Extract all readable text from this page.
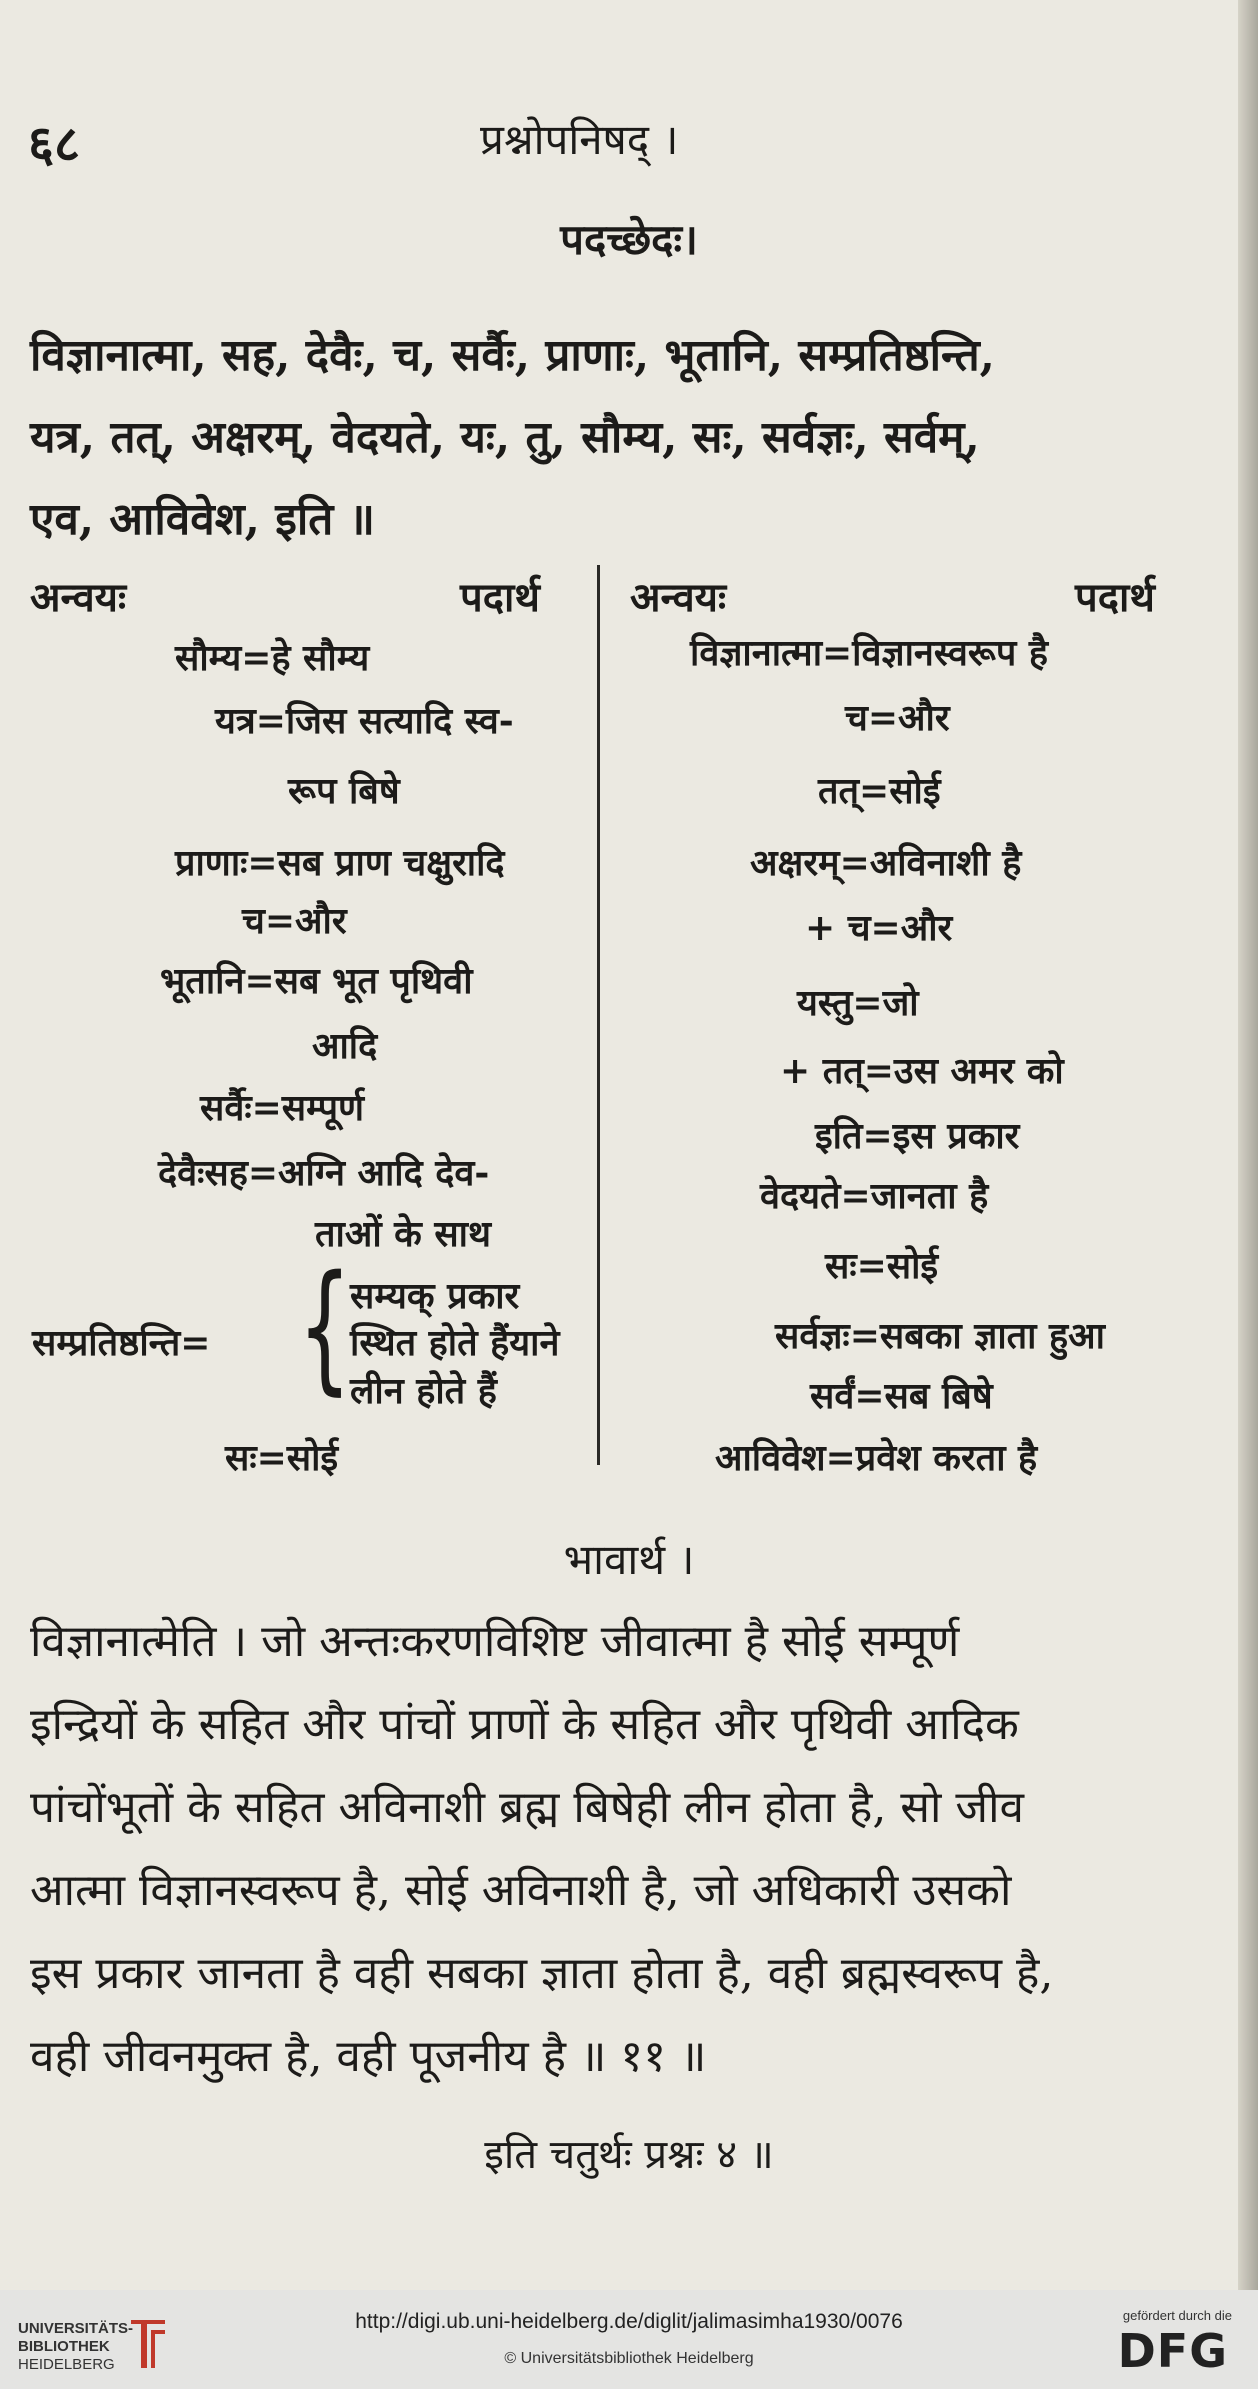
६८	प्रश्नोपनिषद् ।
पदच्छेदः।
विज्ञानात्मा, सह, देवैः, च, सर्वैः, प्राणाः, भूतानि, सम्प्रतिष्ठन्ति,
यत्र, तत्, अक्षरम्, वेदयते, यः, तु, सौम्य, सः, सर्वज्ञः, सर्वम्,
एव, आविवेश, इति ॥
अन्वयः	पदार्थ अन्वयः	पदार्थ
सौम्य=हे सौम्य
यत्र=जिस सत्यादि स्व-
रूप बिषे
प्राणाः=सब प्राण चक्षुरादि
च=और
भूतानि=सब भूत पृथिवी
आदि
सर्वैः=सम्पूर्ण
देवैःसह=अग्नि आदि देव-
ताओं के साथ
सम्प्रतिष्ठन्ति= {
सम्यक् प्रकार
स्थित होते हैंयाने
लीन होते हैं
सः=सोई
विज्ञानात्मा=विज्ञानस्वरूप है
च=और
तत्=सोई
अक्षरम्=अविनाशी है
+ च=और
यस्तु=जो
+ तत्=उस अमर को
इति=इस प्रकार
वेदयते=जानता है
सः=सोई
सर्वज्ञः=सबका ज्ञाता हुआ
सर्वं=सब बिषे
आविवेश=प्रवेश करता है
भावार्थ ।
विज्ञानात्मेति । जो अन्तःकरणविशिष्ट जीवात्मा है सोई सम्पूर्ण
इन्द्रियों के सहित और पांचों प्राणों के सहित और पृथिवी आदिक
पांचोंभूतों के सहित अविनाशी ब्रह्म बिषेही लीन होता है, सो जीव
आत्मा विज्ञानस्वरूप है, सोई अविनाशी है, जो अधिकारी उसको
इस प्रकार जानता है वही सबका ज्ञाता होता है, वही ब्रह्मस्वरूप है,
वही जीवनमुक्त है, वही पूजनीय है ॥ ११ ॥
इति चतुर्थः प्रश्नः ४ ॥
UNIVERSITÄTS-
BIBLIOTHEK
HEIDELBERG
http://digi.ub.uni-heidelberg.de/diglit/jalimasimha1930/0076
© Universitätsbibliothek Heidelberg
gefördert durch die
DFG
